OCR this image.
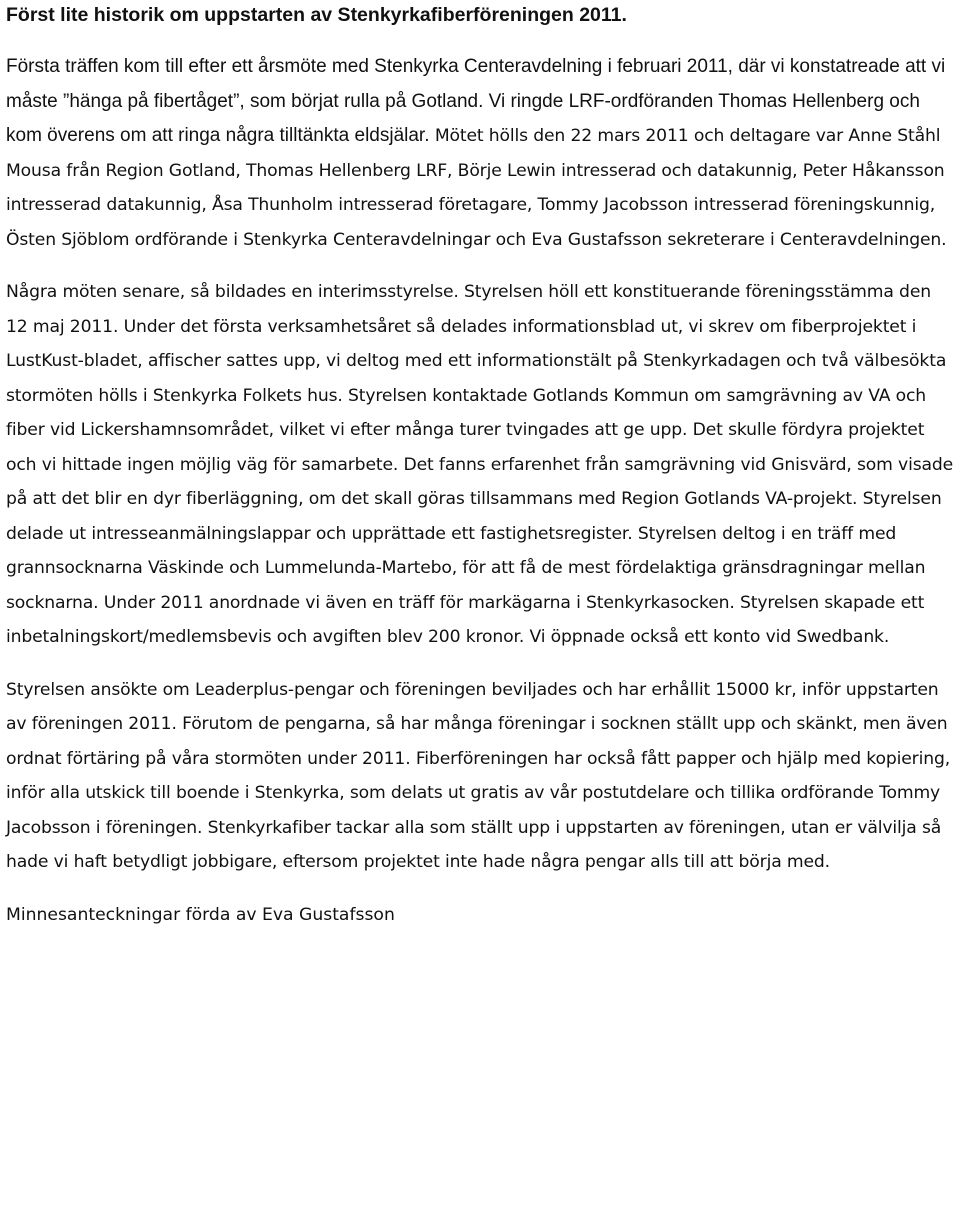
Först lite historik om uppstarten av Stenkyrkafiberföreningen 2011.

Första träffen kom till efter ett årsmöte med Stenkyrka Centeravdelning i februari 2011, där vi konstatreade att vi måste ”hänga på fibertåget”, som börjat rulla på Gotland. Vi ringde LRF-ordföranden Thomas Hellenberg och kom överens om att ringa några tilltänkta eldsjälar. Mötet hölls den 22 mars 2011 och deltagare var Anne Ståhl Mousa från Region Gotland, Thomas Hellenberg LRF, Börje Lewin intresserad och datakunnig, Peter Håkansson intresserad datakunnig, Åsa Thunholm intresserad företagare, Tommy Jacobsson intresserad föreningskunnig, Östen Sjöblom ordförande i Stenkyrka Centeravdelningar och Eva Gustafsson sekreterare i Centeravdelningen.

Några möten senare, så bildades en interimsstyrelse. Styrelsen höll ett konstituerande föreningsstämma den 12 maj 2011. Under det första verksamhetsåret så delades informationsblad ut, vi skrev om fiberprojektet i LustKust-bladet, affischer sattes upp, vi deltog med ett informationstält på Stenkyrkadagen och två välbesökta stormöten hölls i Stenkyrka Folkets hus. Styrelsen kontaktade Gotlands Kommun om samgrävning av VA och fiber vid Lickershamnsområdet, vilket vi efter många turer tvingades att ge upp. Det skulle fördyra projektet och vi hittade ingen möjlig väg för samarbete. Det fanns erfarenhet från samgrävning vid Gnisvärd, som visade på att det blir en dyr fiberläggning, om det skall göras tillsammans med Region Gotlands VA-projekt. Styrelsen delade ut intresseanmälningslappar och upprättade ett fastighetsregister. Styrelsen deltog i en träff med grannsocknarna Väskinde och Lummelunda-Martebo, för att få de mest fördelaktiga gränsdragningar mellan socknarna. Under 2011 anordnade vi även en träff för markägarna i Stenkyrkasocken. Styrelsen skapade ett inbetalningskort/medlemsbevis och avgiften blev 200 kronor. Vi öppnade också ett konto vid Swedbank.

Styrelsen ansökte om Leaderplus-pengar och föreningen beviljades och har erhållit 15000 kr, inför uppstarten av föreningen 2011. Förutom de pengarna, så har många föreningar i socknen ställt upp och skänkt, men även ordnat förtäring på våra stormöten under 2011. Fiberföreningen har också fått papper och hjälp med kopiering, inför alla utskick till boende i Stenkyrka, som delats ut gratis av vår postutdelare och tillika ordförande Tommy Jacobsson i föreningen. Stenkyrkafiber tackar alla som ställt upp i uppstarten av föreningen, utan er välvilja så hade vi haft betydligt jobbigare, eftersom projektet inte hade några pengar alls till att börja med.

Minnesanteckningar förda av Eva Gustafsson
